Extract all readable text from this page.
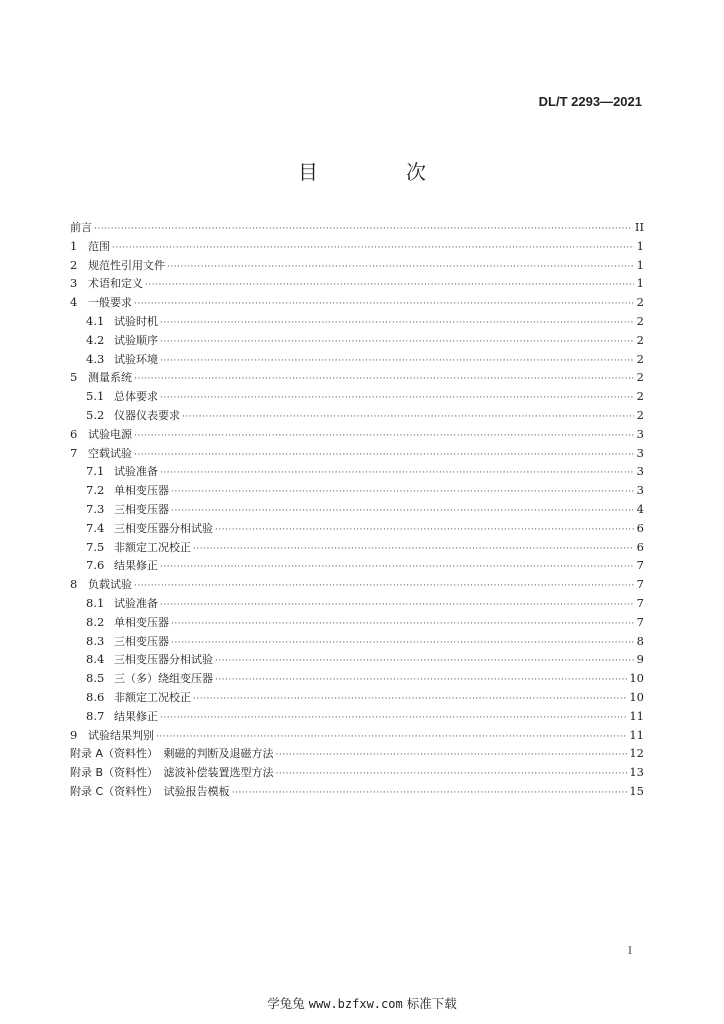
DL/T 2293—2021
目　次
前言 ·····	II
1 范围 ·····	1
2 规范性引用文件 ·····	1
3 术语和定义 ·····	1
4 一般要求 ·····	2
4.1 试验时机 ·····	2
4.2 试验顺序 ·····	2
4.3 试验环境 ·····	2
5 测量系统 ·····	2
5.1 总体要求 ·····	2
5.2 仪器仪表要求 ·····	2
6 试验电源 ·····	3
7 空载试验 ·····	3
7.1 试验准备 ·····	3
7.2 单相变压器 ·····	3
7.3 三相变压器 ·····	4
7.4 三相变压器分相试验 ·····	6
7.5 非额定工况校正 ·····	6
7.6 结果修正 ·····	7
8 负载试验 ·····	7
8.1 试验准备 ·····	7
8.2 单相变压器 ·····	7
8.3 三相变压器 ·····	8
8.4 三相变压器分相试验 ·····	9
8.5 三（多）绕组变压器 ·····	10
8.6 非额定工况校正 ·····	10
8.7 结果修正 ·····	11
9 试验结果判别 ·····	11
附录 A（资料性）　剩磁的判断及退磁方法 ·····	12
附录 B（资料性）　滤波补偿装置选型方法 ·····	13
附录 C（资料性）　试验报告模板 ·····	15
I
学兔兔 www.bzfxw.com 标准下载
